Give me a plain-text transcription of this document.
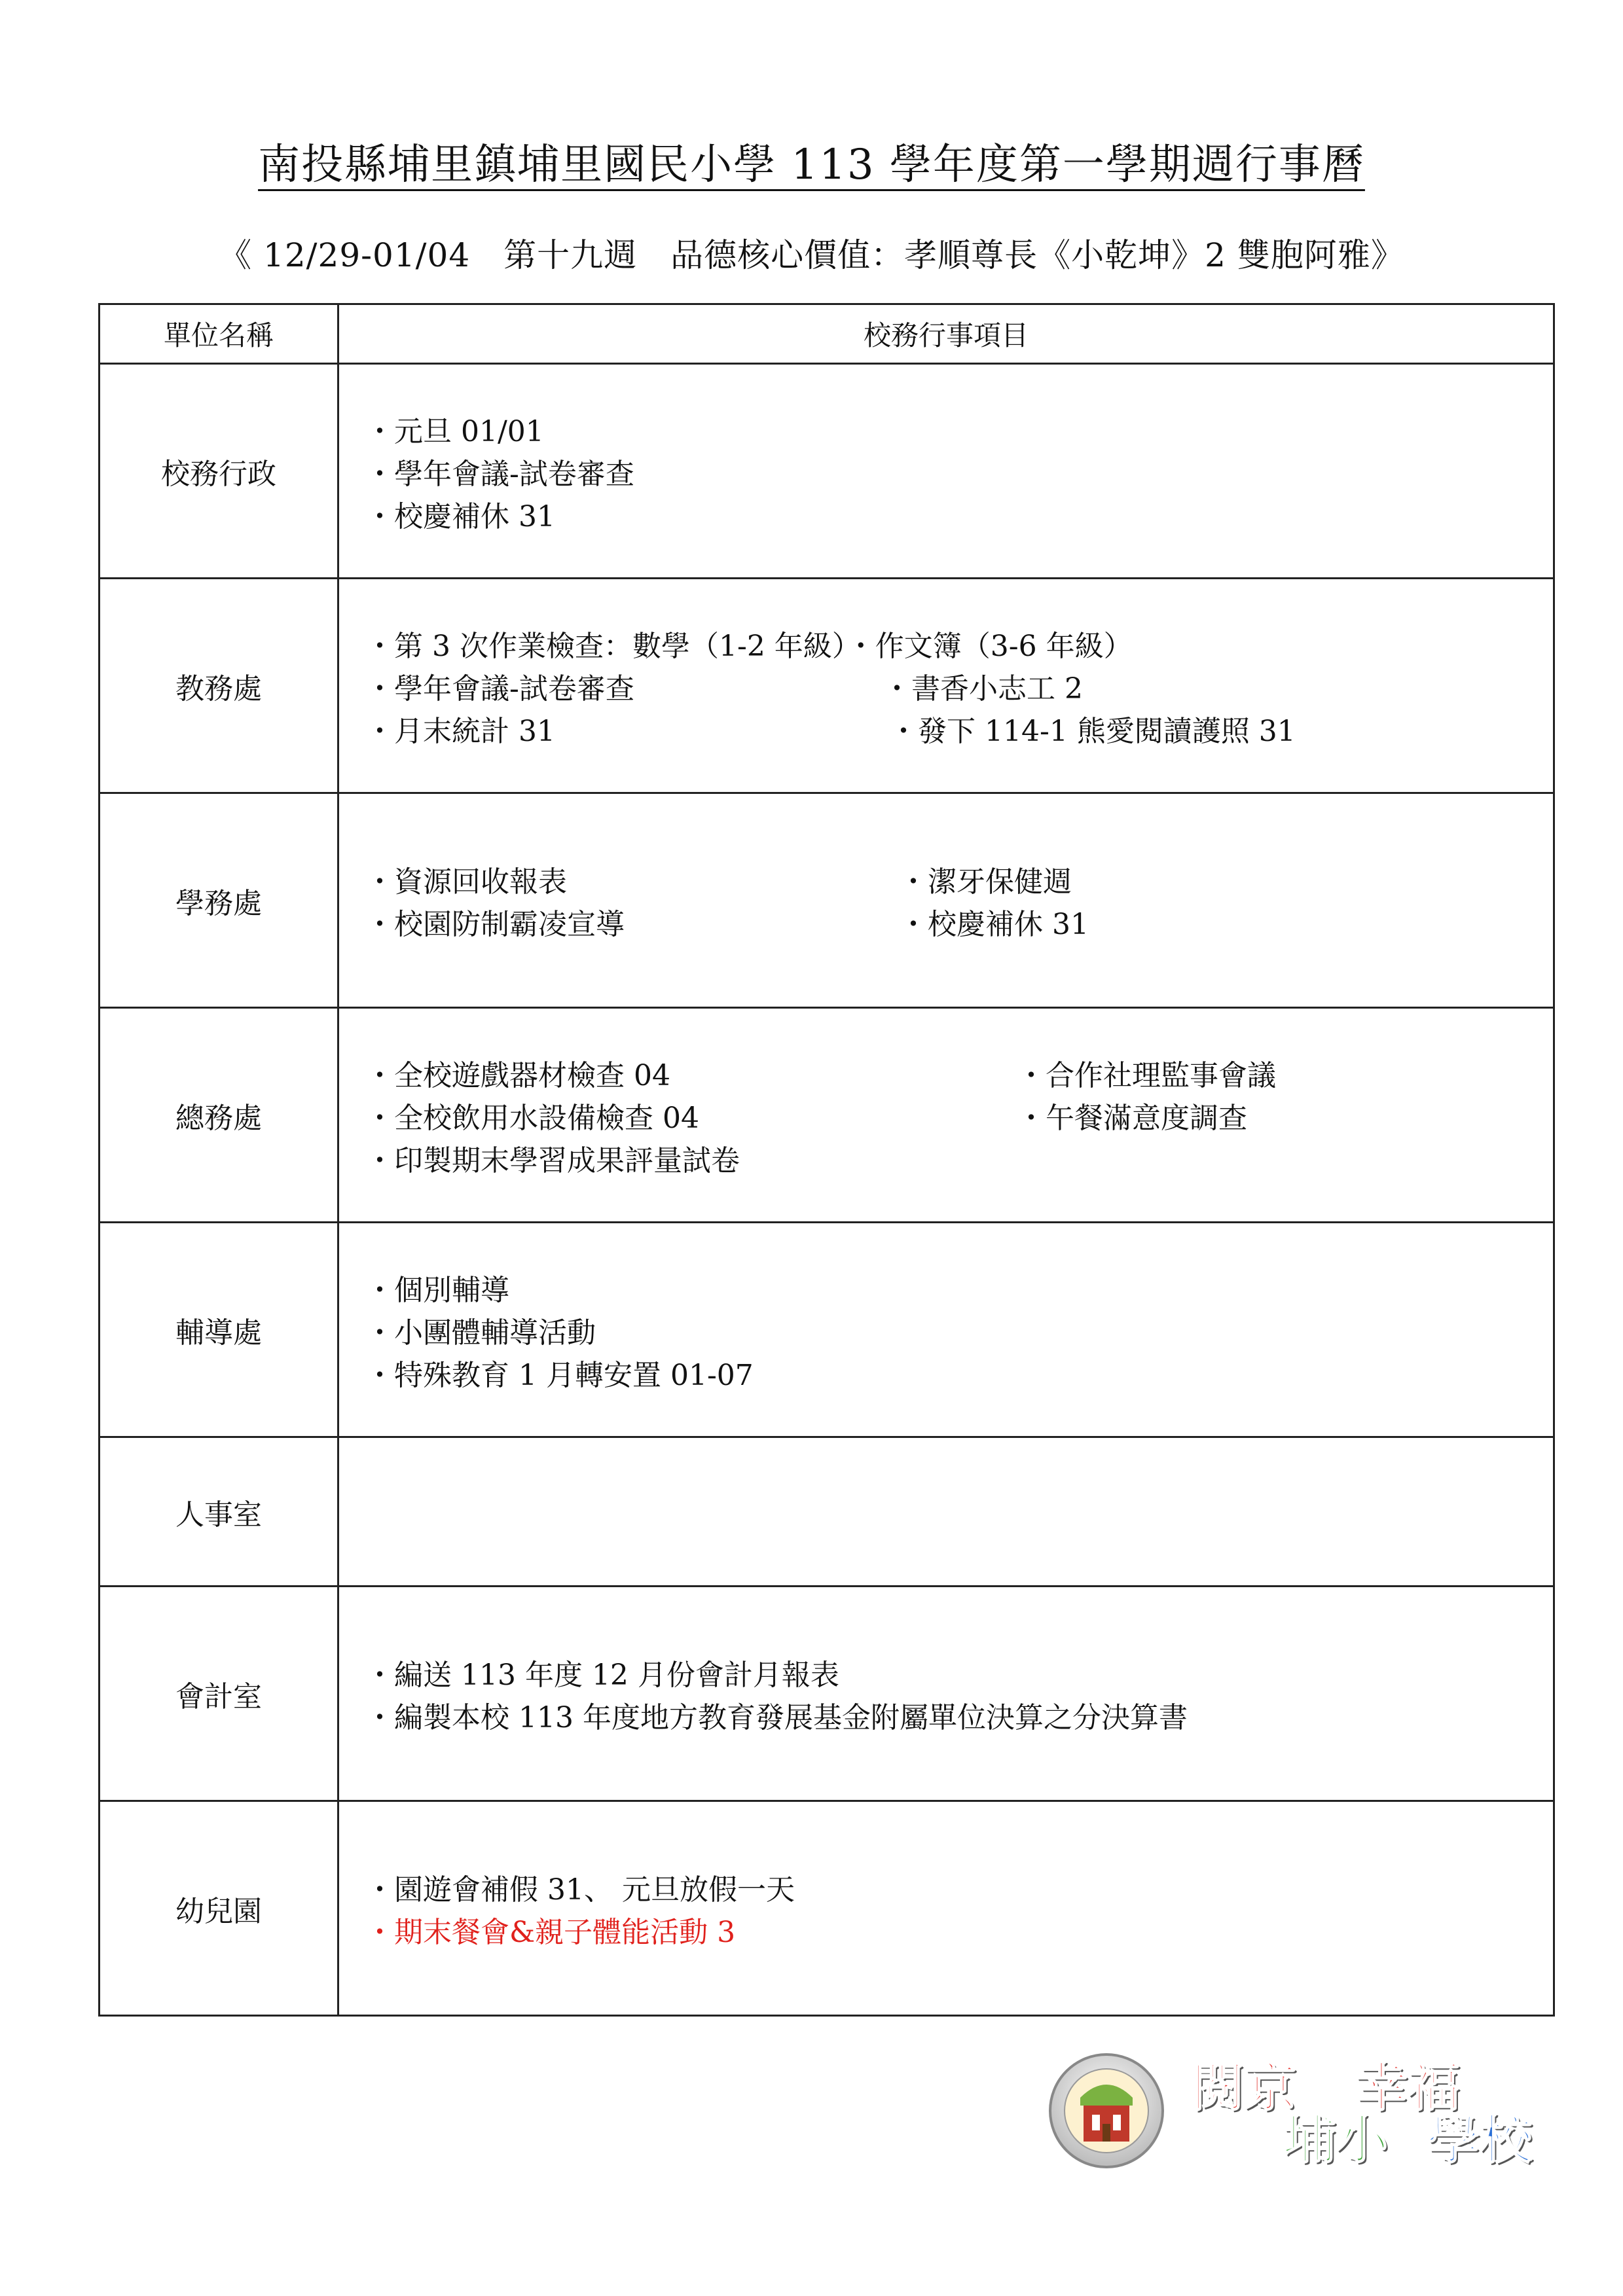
南投縣埔里鎮埔里國民小學 113 學年度第一學期週行事曆
《 12/29-01/04　第十九週　品德核心價值：孝順尊長《小乾坤》2 雙胞阿雅》
單位名稱	校務行事項目
校務行政	・元旦 01/01
・學年會議-試卷審查
・校慶補休 31

教務處	・第 3 次作業檢查：數學（1-2 年級）・作文簿（3-6 年級）
・學年會議-試卷審查 ・書香小志工 2
・月末統計 31 ・發下 114-1 熊愛閱讀護照 31

學務處	・資源回收報表 ・潔牙保健週
・校園防制霸凌宣導 ・校慶補休 31

總務處	・全校遊戲器材檢查 04 ・合作社理監事會議
・全校飲用水設備檢查 04 ・午餐滿意度調查
・印製期末學習成果評量試卷

輔導處	・個別輔導
・小團體輔導活動
・特殊教育 1 月轉安置 01-07

人事室	
會計室	・編送 113 年度 12 月份會計月報表
・編製本校 113 年度地方教育發展基金附屬單位決算之分決算書

幼兒園	・園遊會補假 31、 元旦放假一天
・期末餐會&親子體能活動 3
閱京
埔小
幸福
學校
